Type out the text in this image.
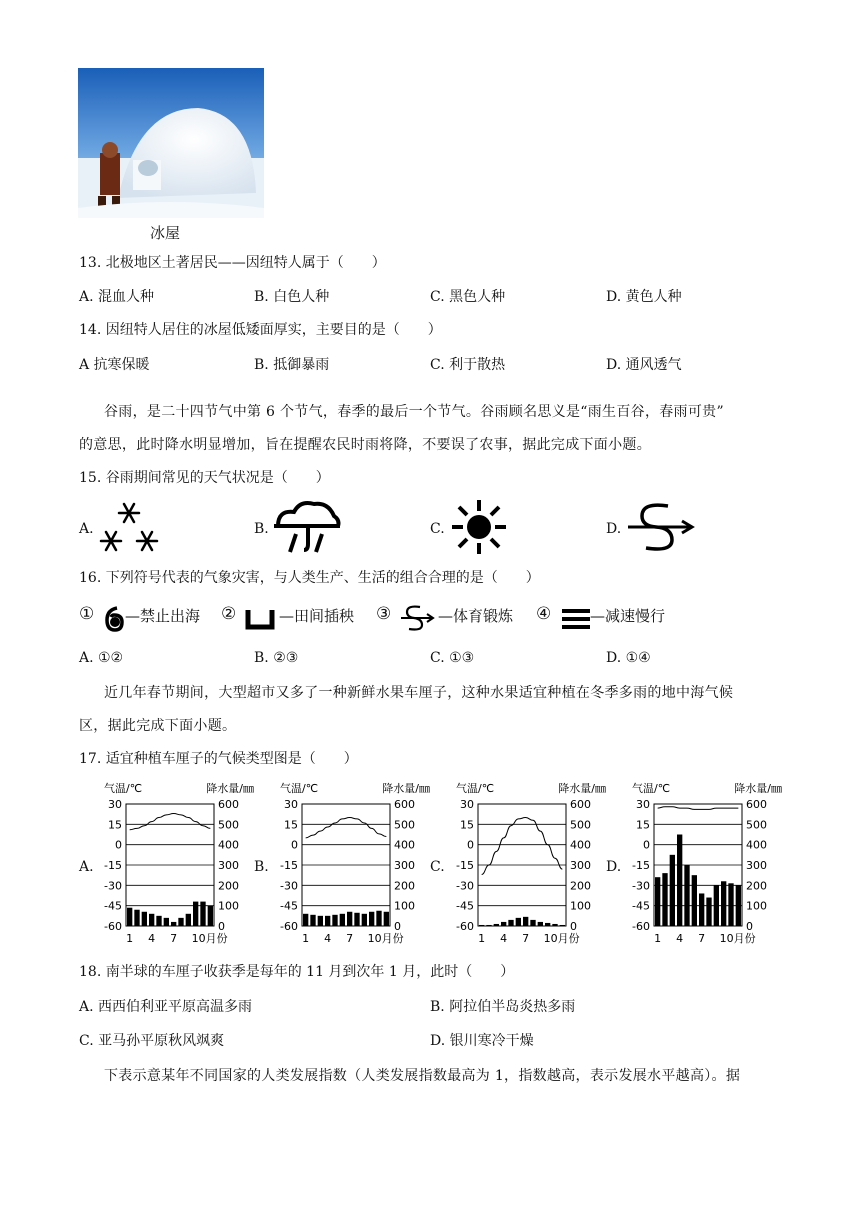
冰屋
13. 北极地区土著居民——因纽特人属于（　　）
A. 混血人种	B. 白色人种	C. 黑色人种	D. 黄色人种
14. 因纽特人居住的冰屋低矮面厚实，主要目的是（　　）
A 抗寒保暖	B. 抵御暴雨	C. 利于散热	D. 通风透气
谷雨，是二十四节气中第 6 个节气，春季的最后一个节气。谷雨顾名思义是“雨生百谷，春雨可贵”
的意思，此时降水明显增加，旨在提醒农民时雨将降，不要误了农事，据此完成下面小题。
15. 谷雨期间常见的天气状况是（　　）
A.	B.	C.	D.
16. 下列符号代表的气象灾害，与人类生产、生活的组合合理的是（　　）
① —禁止出海 ②	—田间插秧 ③	—体育锻炼 ④	—减速慢行
A. ①②	B. ②③	C. ①③	D. ①④
近几年春节期间，大型超市又多了一种新鲜水果车厘子，这种水果适宜种植在冬季多雨的地中海气候
区，据此完成下面小题。
17. 适宜种植车厘子的气候类型图是（　　）
A.	B.	C.	D.
气温/℃	降水量/㎜
30	600
15	500
0	400
-15	300
-30	200
-45	100
-60	0
1 4 7 10月份
气温/℃	降水量/㎜
30	600
15	500
0	400
-15	300
-30	200
-45	100
-60	0
1 4 7 10月份
气温/℃	降水量/㎜
30	600
15	500
0	400
-15	300
-30	200
-45	100
-60	0
1 4 7 10月份
气温/℃	降水量/㎜
30	600
15	500
0	400
-15	300
-30	200
-45	100
-60	0
1 4 7 10月份
18. 南半球的车厘子收获季是每年的 11 月到次年 1 月，此时（　　）
A. 西西伯利亚平原高温多雨	B. 阿拉伯半岛炎热多雨
C. 亚马孙平原秋风飒爽	D. 银川寒冷干燥
下表示意某年不同国家的人类发展指数（人类发展指数最高为 1，指数越高，表示发展水平越高）。据
